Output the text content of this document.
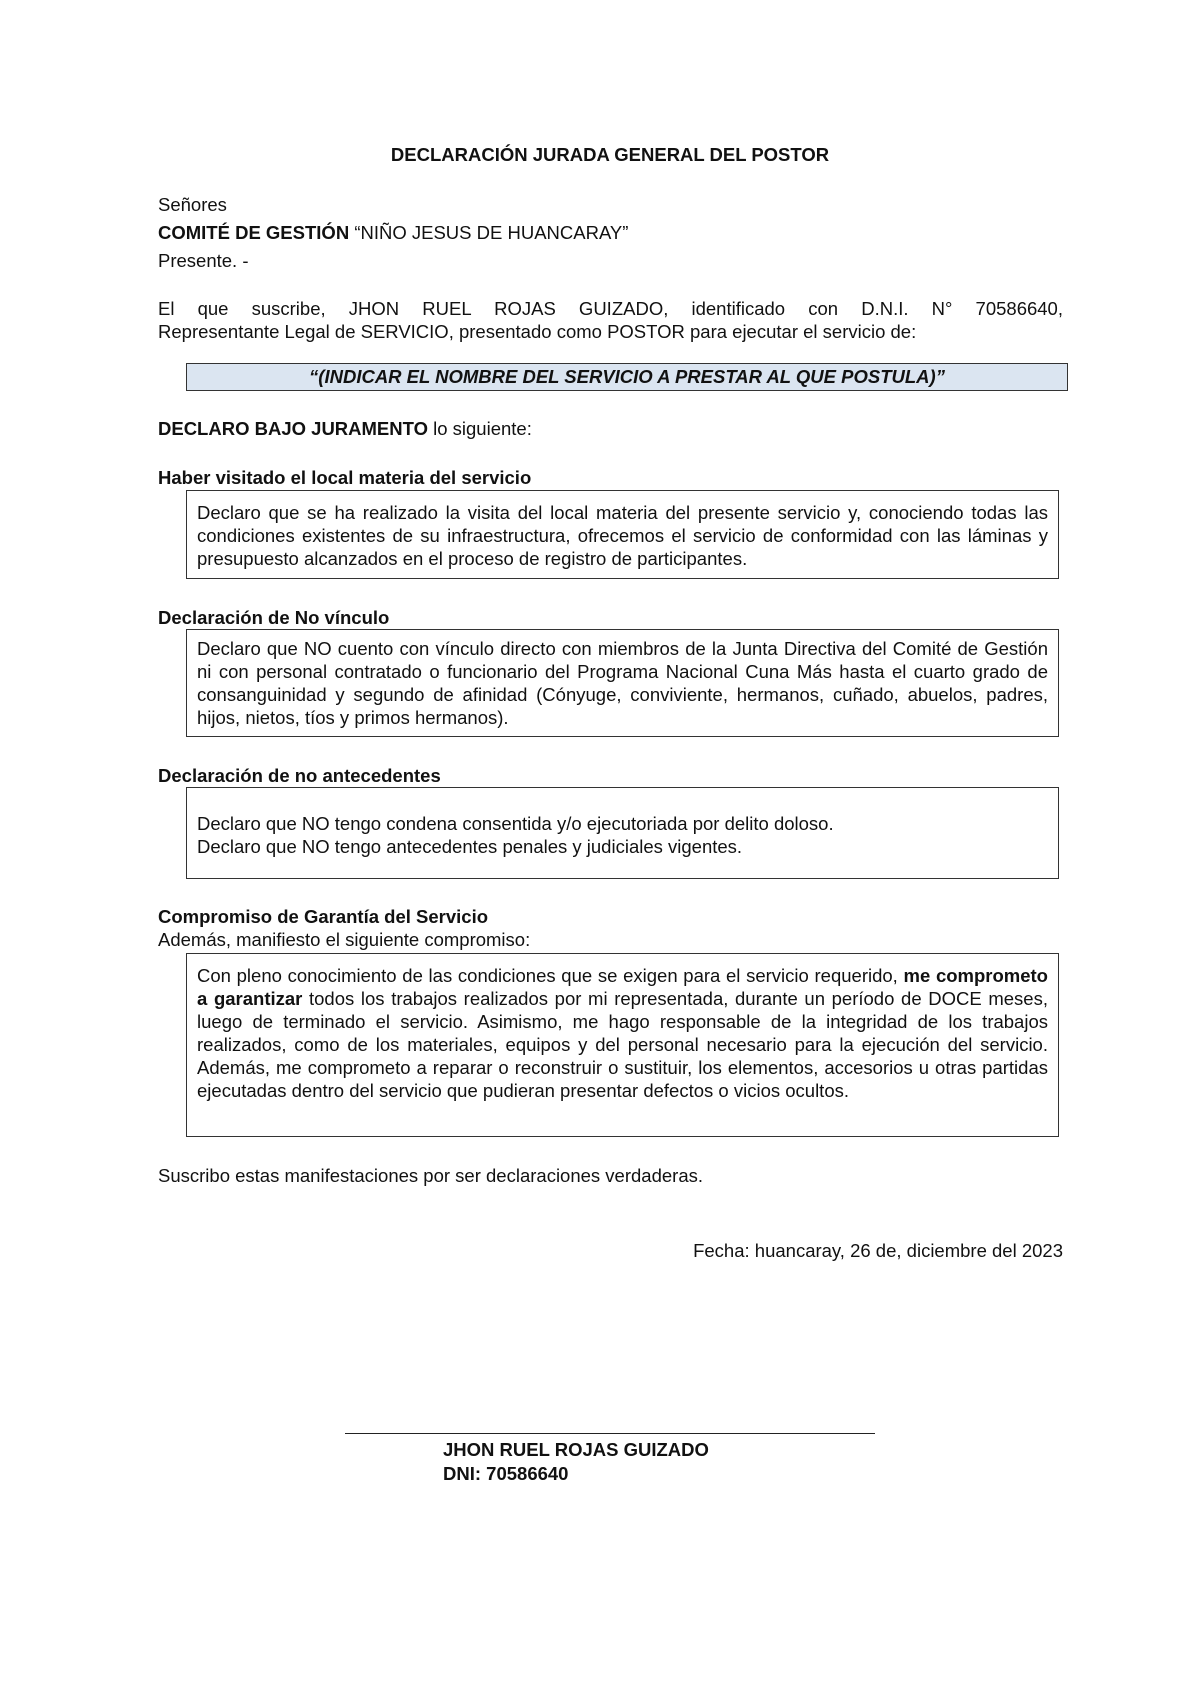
DECLARACIÓN JURADA GENERAL DEL POSTOR
Señores
COMITÉ DE GESTIÓN “NIÑO JESUS DE HUANCARAY”
Presente. -
El que suscribe, JHON RUEL ROJAS GUIZADO, identificado con D.N.I. N° 70586640,
Representante Legal de SERVICIO, presentado como POSTOR para ejecutar el servicio de:
“(INDICAR EL NOMBRE DEL SERVICIO A PRESTAR AL QUE POSTULA)”
DECLARO BAJO JURAMENTO lo siguiente:
Haber visitado el local materia del servicio
Declaro que se ha realizado la visita del local materia del presente servicio y, conociendo todas las condiciones existentes de su infraestructura, ofrecemos el servicio de conformidad con las láminas y presupuesto alcanzados en el proceso de registro de participantes.
Declaración de No vínculo
Declaro que NO cuento con vínculo directo con miembros de la Junta Directiva del Comité de Gestión ni con personal contratado o funcionario del Programa Nacional Cuna Más hasta el cuarto grado de consanguinidad y segundo de afinidad (Cónyuge, conviviente, hermanos, cuñado, abuelos, padres, hijos, nietos, tíos y primos hermanos).
Declaración de no antecedentes
Declaro que NO tengo condena consentida y/o ejecutoriada por delito doloso.
Declaro que NO tengo antecedentes penales y judiciales vigentes.
Compromiso de Garantía del Servicio
Además, manifiesto el siguiente compromiso:
Con pleno conocimiento de las condiciones que se exigen para el servicio requerido, me comprometo a garantizar todos los trabajos realizados por mi representada, durante un período de DOCE meses, luego de terminado el servicio. Asimismo, me hago responsable de la integridad de los trabajos realizados, como de los materiales, equipos y del personal necesario para la ejecución del servicio. Además, me comprometo a reparar o reconstruir o sustituir, los elementos, accesorios u otras partidas ejecutadas dentro del servicio que pudieran presentar defectos o vicios ocultos.
Suscribo estas manifestaciones por ser declaraciones verdaderas.
Fecha: huancaray, 26 de, diciembre del 2023
JHON RUEL ROJAS GUIZADO
DNI: 70586640
